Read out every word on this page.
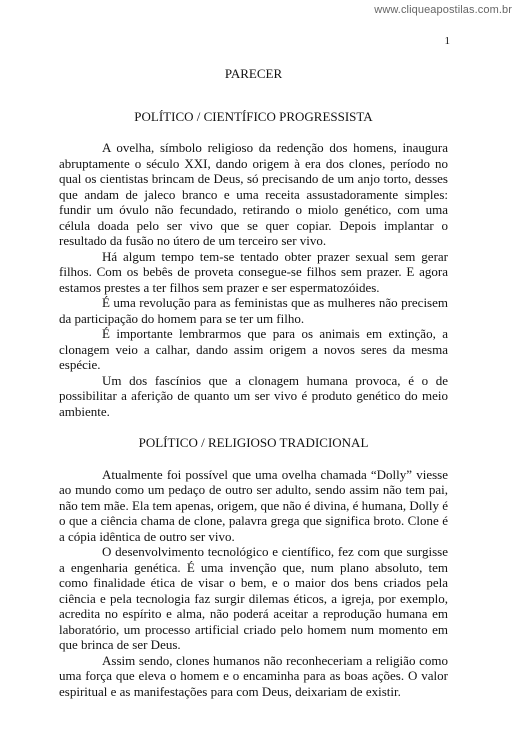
www.cliqueapostilas.com.br
1
PARECER
POLÍTICO / CIENTÍFICO PROGRESSISTA

A ovelha, símbolo religioso da redenção dos homens, inaugura abruptamente o século XXI, dando origem à era dos clones, período no qual os cientistas brincam de Deus, só precisando de um anjo torto, desses que andam de jaleco branco e uma receita assustadoramente simples: fundir um óvulo não fecundado, retirando o miolo genético, com uma célula doada pelo ser vivo que se quer copiar. Depois implantar o resultado da fusão no útero de um terceiro ser vivo.

Há algum tempo tem-se tentado obter prazer sexual sem gerar filhos. Com os bebês de proveta consegue-se filhos sem prazer. E agora estamos prestes a ter filhos sem prazer e ser espermatozóides.

É uma revolução para as feministas que as mulheres não precisem da participação do homem para se ter um filho.

É importante lembrarmos que para os animais em extinção, a clonagem veio a calhar, dando assim origem a novos seres da mesma espécie.

Um dos fascínios que a clonagem humana provoca, é o de possibilitar a aferição de quanto um ser vivo é produto genético do meio ambiente.

POLÍTICO / RELIGIOSO TRADICIONAL

Atualmente foi possível que uma ovelha chamada “Dolly” viesse ao mundo como um pedaço de outro ser adulto, sendo assim não tem pai, não tem mãe. Ela tem apenas, origem, que não é divina, é humana, Dolly é o que a ciência chama de clone, palavra grega que significa broto. Clone é a cópia idêntica de outro ser vivo.

O desenvolvimento tecnológico e científico, fez com que surgisse a engenharia genética. É uma invenção que, num plano absoluto, tem como finalidade ética de visar o bem, e o maior dos bens criados pela ciência e pela tecnologia faz surgir dilemas éticos, a igreja, por exemplo, acredita no espírito e alma, não poderá aceitar a reprodução humana em laboratório, um processo artificial criado pelo homem num momento em que brinca de ser Deus.

Assim sendo, clones humanos não reconheceriam a religião como uma força que eleva o homem e o encaminha para as boas ações. O valor espiritual e as manifestações para com Deus, deixariam de existir.
